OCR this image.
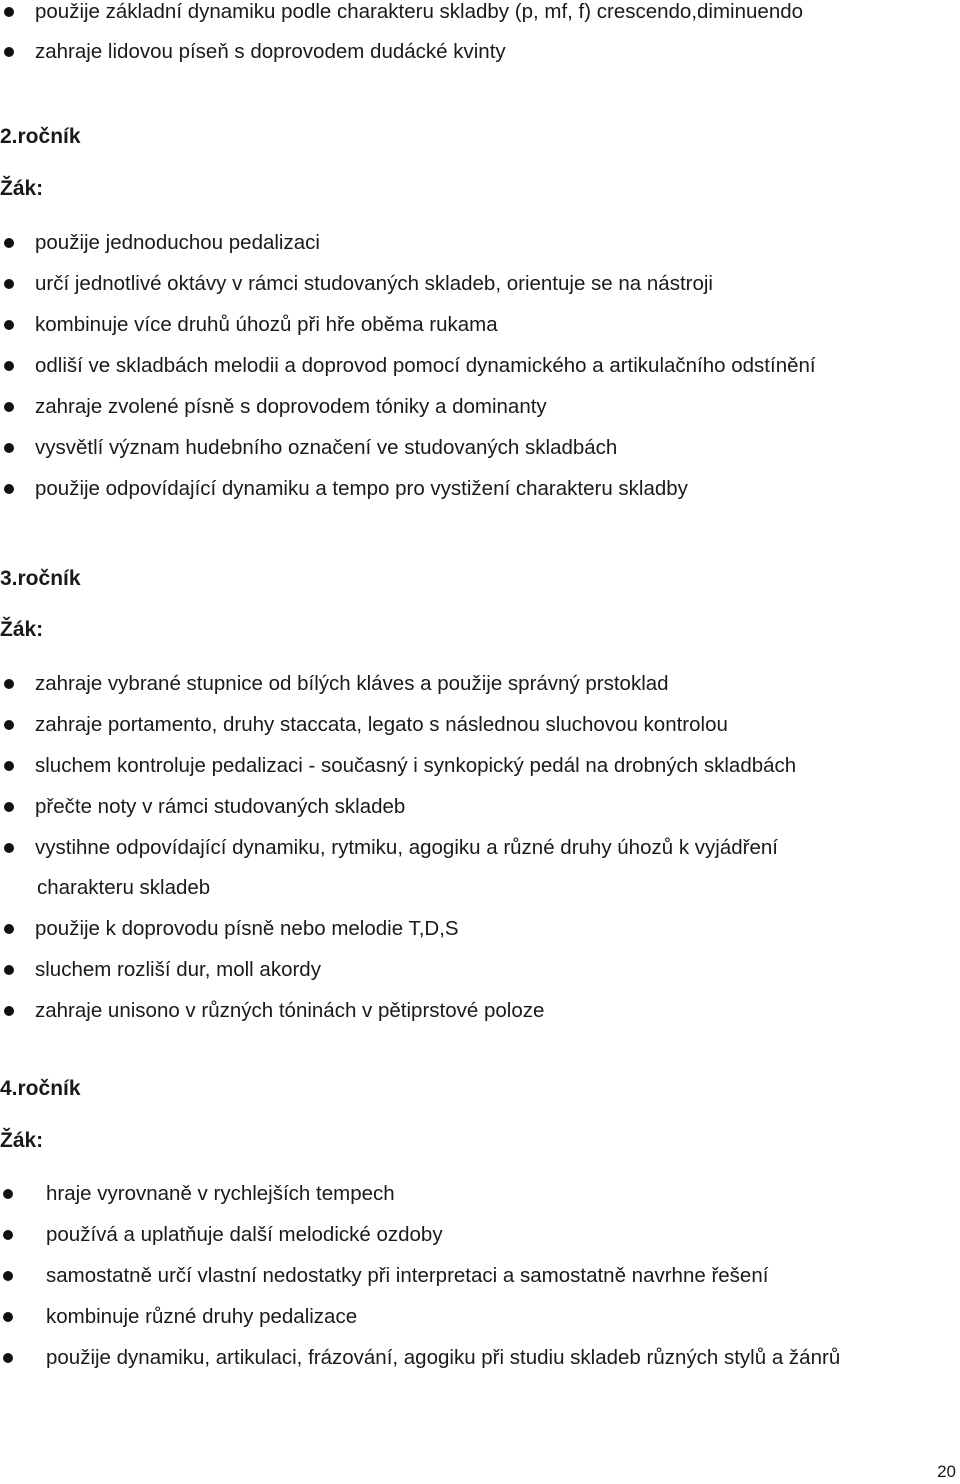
použije základní dynamiku podle charakteru skladby (p, mf, f) crescendo,diminuendo
zahraje lidovou píseň s doprovodem dudácké kvinty
2.ročník
Žák:
použije jednoduchou pedalizaci
určí jednotlivé oktávy v rámci studovaných skladeb, orientuje se na nástroji
kombinuje více druhů úhozů při hře oběma rukama
odliší ve skladbách melodii a doprovod pomocí dynamického a artikulačního odstínění
zahraje zvolené písně s doprovodem tóniky a dominanty
vysvětlí význam hudebního označení ve studovaných skladbách
použije odpovídající dynamiku a tempo pro vystižení charakteru skladby
3.ročník
Žák:
zahraje vybrané stupnice od bílých kláves a použije správný prstoklad
zahraje portamento, druhy staccata, legato s následnou sluchovou kontrolou
sluchem kontroluje pedalizaci - současný i synkopický pedál na drobných skladbách
přečte noty v rámci studovaných skladeb
vystihne odpovídající dynamiku, rytmiku, agogiku a různé druhy úhozů k vyjádření
charakteru skladeb
použije k doprovodu písně nebo melodie T,D,S
sluchem rozliší dur, moll akordy
zahraje unisono v různých tóninách v pětiprstové poloze
4.ročník
Žák:
hraje vyrovnaně v rychlejších tempech
používá a uplatňuje další melodické ozdoby
samostatně určí vlastní nedostatky při interpretaci a samostatně navrhne řešení
kombinuje různé druhy pedalizace
použije dynamiku, artikulaci, frázování, agogiku při studiu skladeb různých stylů a žánrů
20
